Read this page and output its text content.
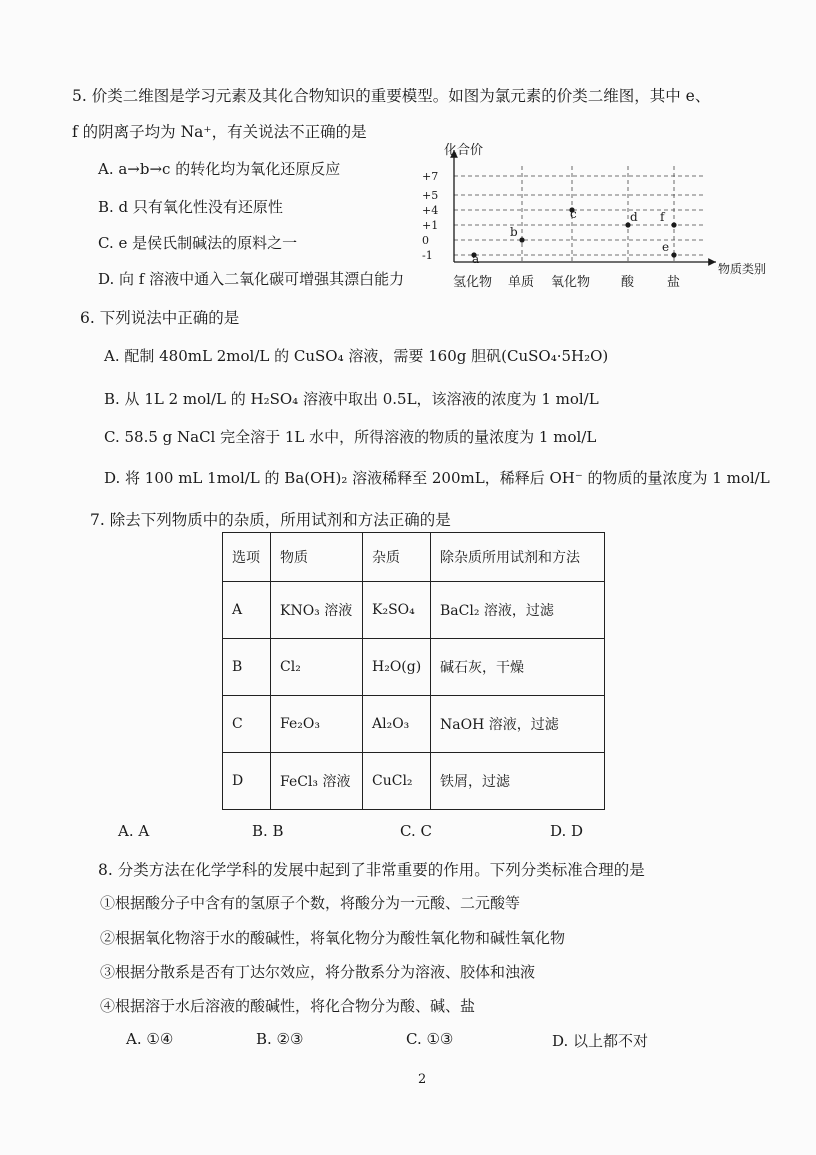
5. 价类二维图是学习元素及其化合物知识的重要模型。如图为氯元素的价类二维图，其中 e、
f 的阴离子均为 Na⁺，有关说法不正确的是
A. a→b→c 的转化均为氧化还原反应
B. d 只有氧化性没有还原性
C. e 是侯氏制碱法的原料之一
D. 向 f 溶液中通入二氧化碳可增强其漂白能力
化合价
物质类别
+7
+5
+4
+1
0
-1
氢化物 单质 氧化物 酸	盐
a
b
c	d f
e
6. 下列说法中正确的是
A. 配制 480mL 2mol/L 的 CuSO₄ 溶液，需要 160g 胆矾(CuSO₄·5H₂O)
B. 从 1L 2 mol/L 的 H₂SO₄ 溶液中取出 0.5L，该溶液的浓度为 1 mol/L
C. 58.5 g NaCl 完全溶于 1L 水中，所得溶液的物质的量浓度为 1 mol/L
D. 将 100 mL 1mol/L 的 Ba(OH)₂ 溶液稀释至 200mL，稀释后 OH⁻ 的物质的量浓度为 1 mol/L
7. 除去下列物质中的杂质，所用试剂和方法正确的是
选项	物质	杂质	除杂质所用试剂和方法
A	KNO₃ 溶液	K₂SO₄	BaCl₂ 溶液，过滤
B	Cl₂	H₂O(g)	碱石灰，干燥
C	Fe₂O₃	Al₂O₃	NaOH 溶液，过滤
D	FeCl₃ 溶液	CuCl₂	铁屑，过滤
A. A	B. B	C. C	D. D
8. 分类方法在化学学科的发展中起到了非常重要的作用。下列分类标准合理的是
①根据酸分子中含有的氢原子个数，将酸分为一元酸、二元酸等
②根据氧化物溶于水的酸碱性，将氧化物分为酸性氧化物和碱性氧化物
③根据分散系是否有丁达尔效应，将分散系分为溶液、胶体和浊液
④根据溶于水后溶液的酸碱性，将化合物分为酸、碱、盐
A. ①④	B. ②③	C. ①③	D. 以上都不对
2
